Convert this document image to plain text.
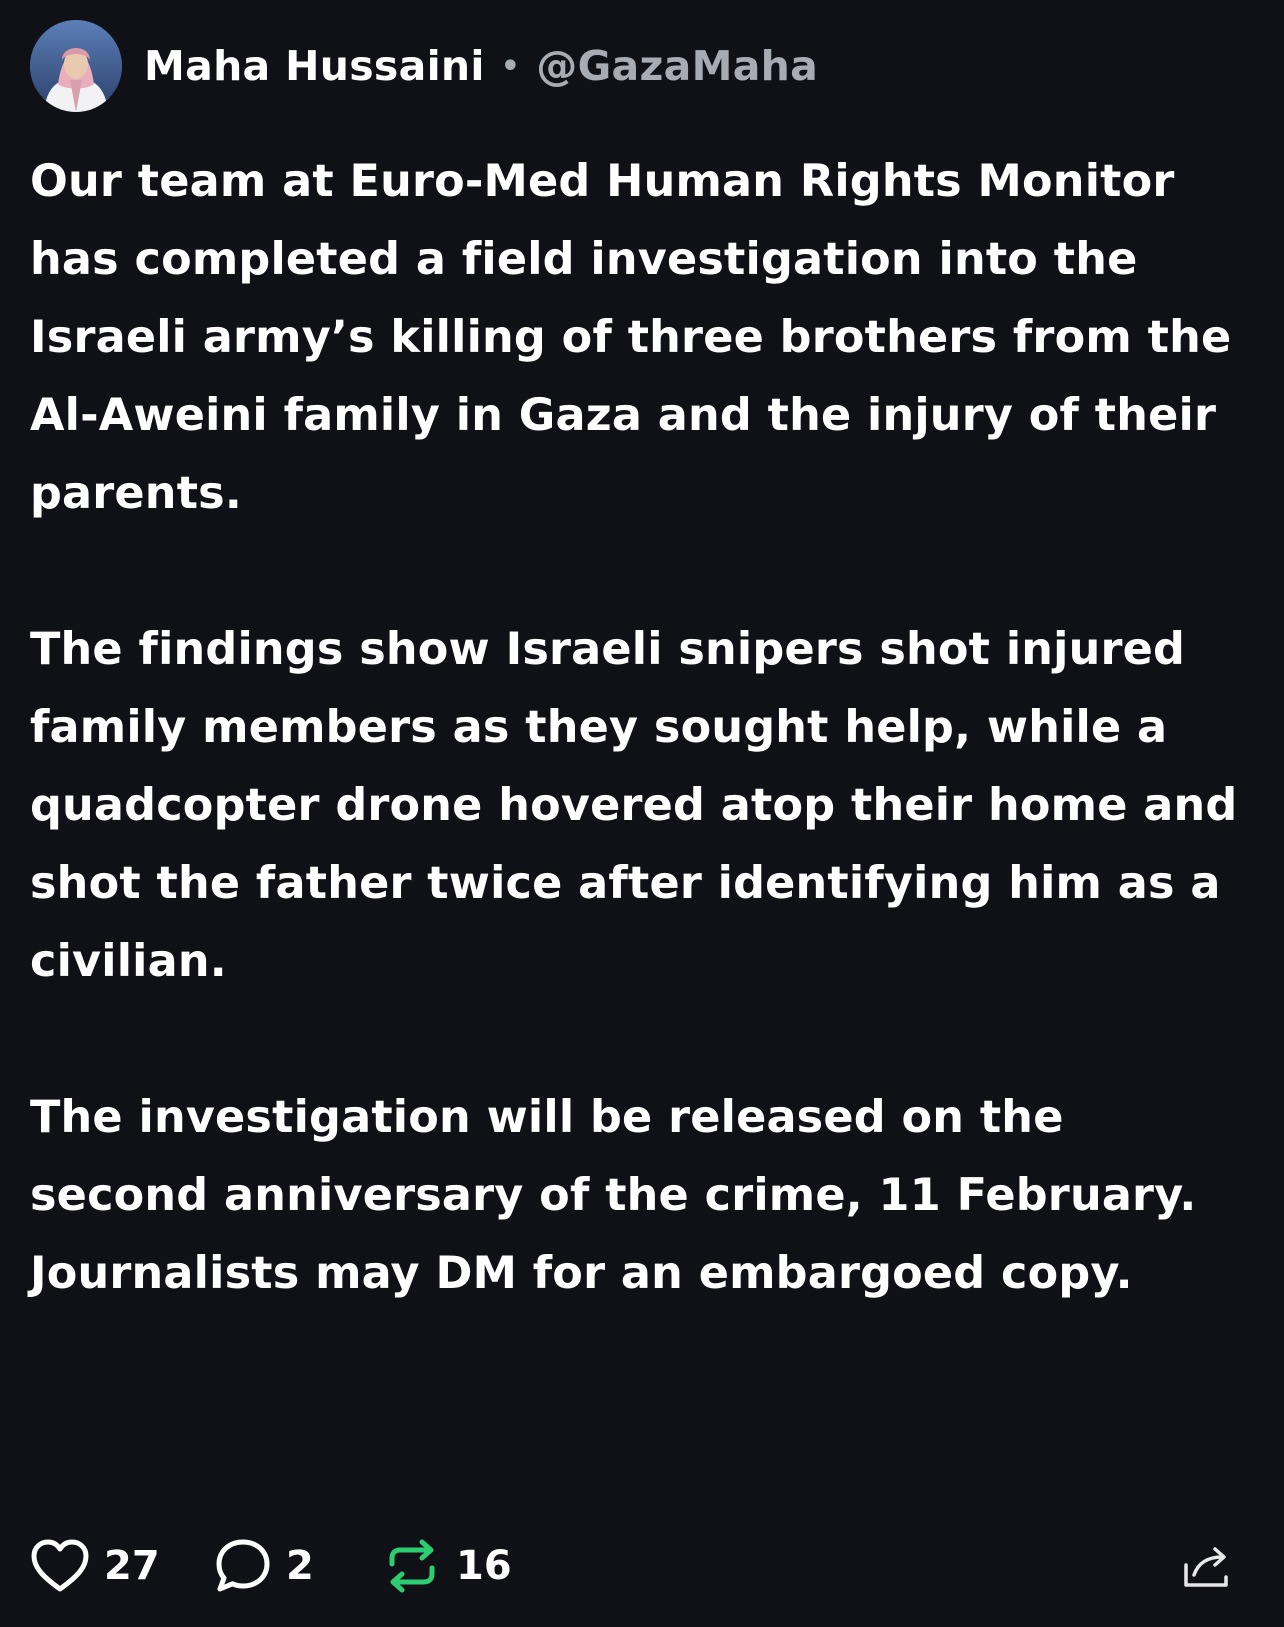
Maha Hussaini • @GazaMaha

Our team at Euro-Med Human Rights Monitor has completed a field investigation into the Israeli army’s killing of three brothers from the Al-Aweini family in Gaza and the injury of their parents.

The findings show Israeli snipers shot injured family members as they sought help, while a quadcopter drone hovered atop their home and shot the father twice after identifying him as a civilian.

The investigation will be released on the second anniversary of the crime, 11 February. Journalists may DM for an embargoed copy.

27	2	16
